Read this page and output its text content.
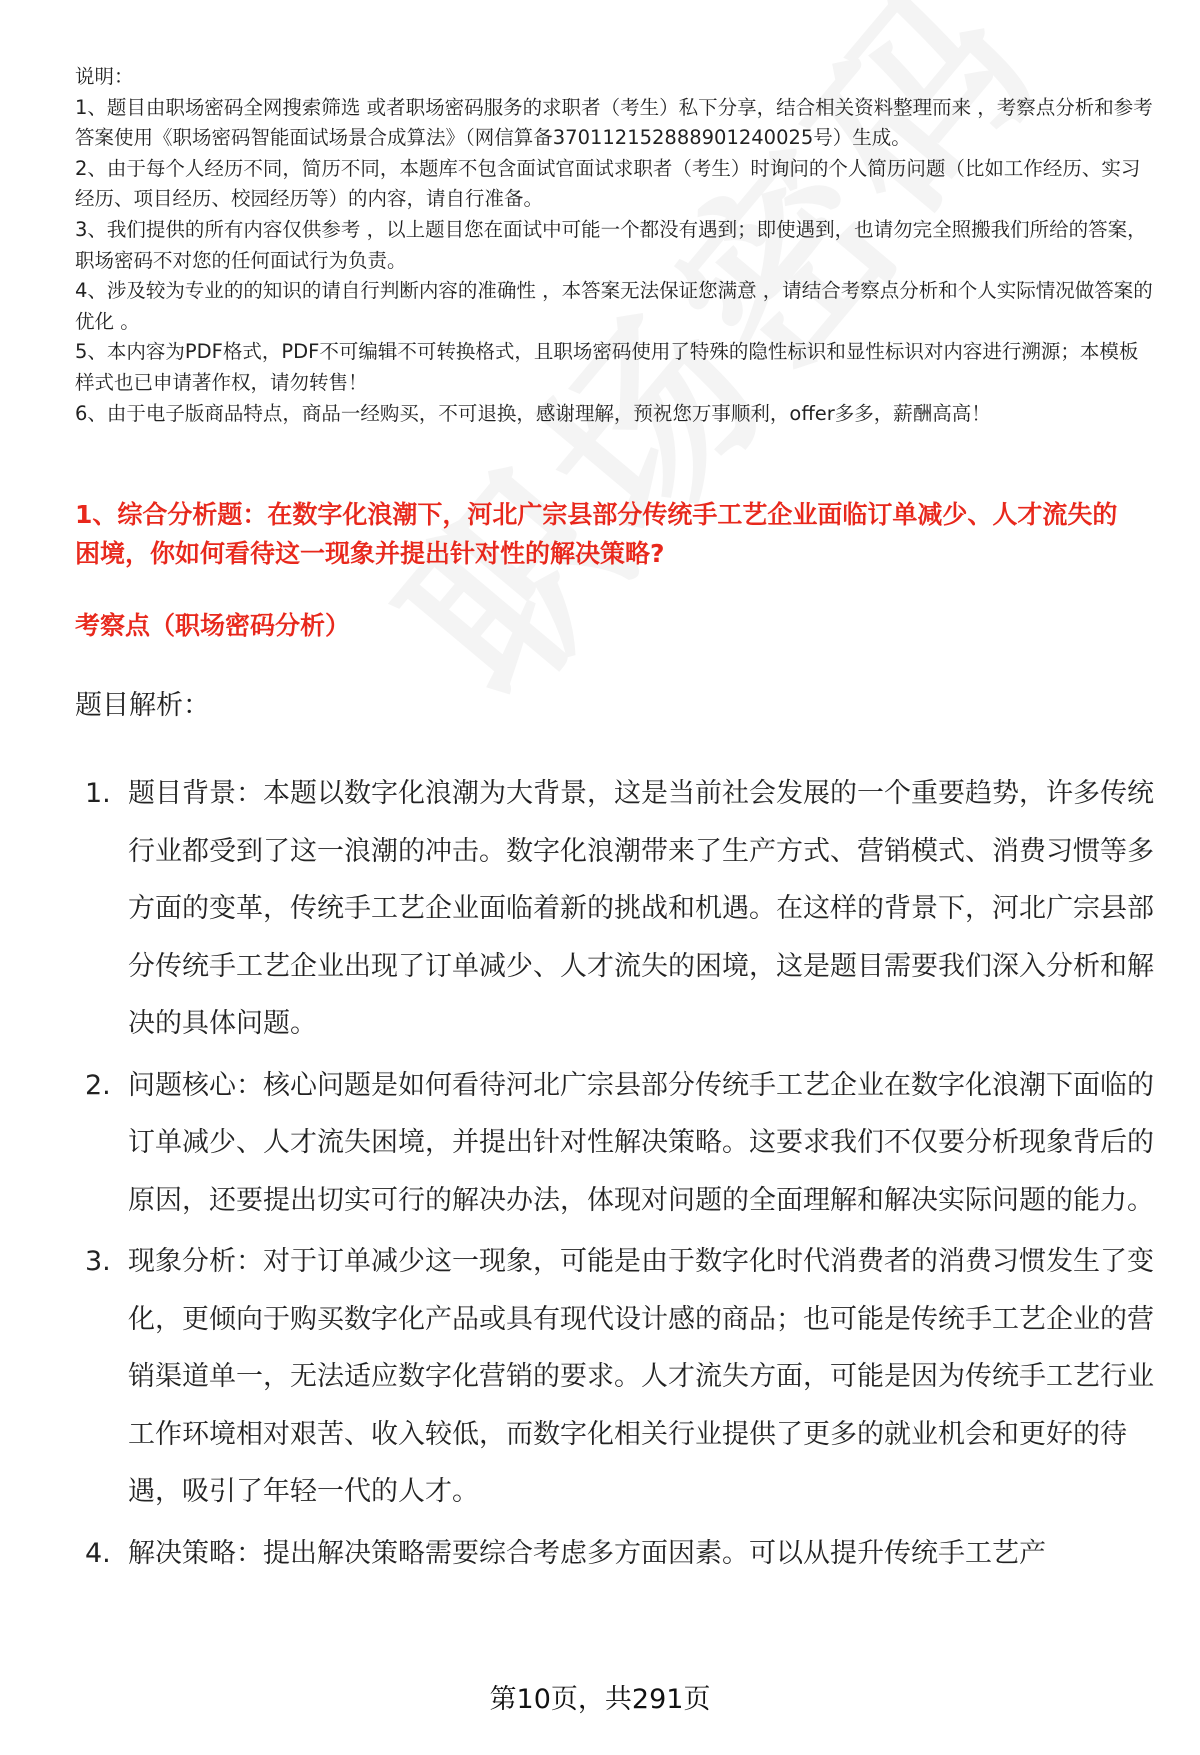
说明：

1、题目由职场密码全网搜索筛选 或者职场密码服务的求职者（考生）私下分享，结合相关资料整理而来 ，考察点分析和参考答案使用《职场密码智能面试场景合成算法》（网信算备370112152888901240025号）生成。

2、由于每个人经历不同，简历不同，本题库不包含面试官面试求职者（考生）时询问的个人简历问题（比如工作经历、实习经历、项目经历、校园经历等）的内容，请自行准备。

3、我们提供的所有内容仅供参考 ，以上题目您在面试中可能一个都没有遇到；即使遇到，也请勿完全照搬我们所给的答案，职场密码不对您的任何面试行为负责。

4、涉及较为专业的的知识的请自行判断内容的准确性 ，本答案无法保证您满意 ，请结合考察点分析和个人实际情况做答案的优化 。

5、本内容为PDF格式，PDF不可编辑不可转换格式，且职场密码使用了特殊的隐性标识和显性标识对内容进行溯源；本模板样式也已申请著作权，请勿转售！

6、由于电子版商品特点，商品一经购买，不可退换，感谢理解，预祝您万事顺利，offer多多，薪酬高高！

1、综合分析题：在数字化浪潮下，河北广宗县部分传统手工艺企业面临订单减少、人才流失的困境，你如何看待这一现象并提出针对性的解决策略?
考察点（职场密码分析）
题目解析：
1. 题目背景：本题以数字化浪潮为大背景，这是当前社会发展的一个重要趋势，许多传统行业都受到了这一浪潮的冲击。数字化浪潮带来了生产方式、营销模式、消费习惯等多方面的变革，传统手工艺企业面临着新的挑战和机遇。在这样的背景下，河北广宗县部分传统手工艺企业出现了订单减少、人才流失的困境，这是题目需要我们深入分析和解决的具体问题。
2. 问题核心：核心问题是如何看待河北广宗县部分传统手工艺企业在数字化浪潮下面临的订单减少、人才流失困境，并提出针对性解决策略。这要求我们不仅要分析现象背后的原因，还要提出切实可行的解决办法，体现对问题的全面理解和解决实际问题的能力。
3. 现象分析：对于订单减少这一现象，可能是由于数字化时代消费者的消费习惯发生了变化，更倾向于购买数字化产品或具有现代设计感的商品；也可能是传统手工艺企业的营销渠道单一，无法适应数字化营销的要求。人才流失方面，可能是因为传统手工艺行业工作环境相对艰苦、收入较低，而数字化相关行业提供了更多的就业机会和更好的待遇，吸引了年轻一代的人才。
4. 解决策略：提出解决策略需要综合考虑多方面因素。可以从提升传统手工艺产
第10页，共291页
